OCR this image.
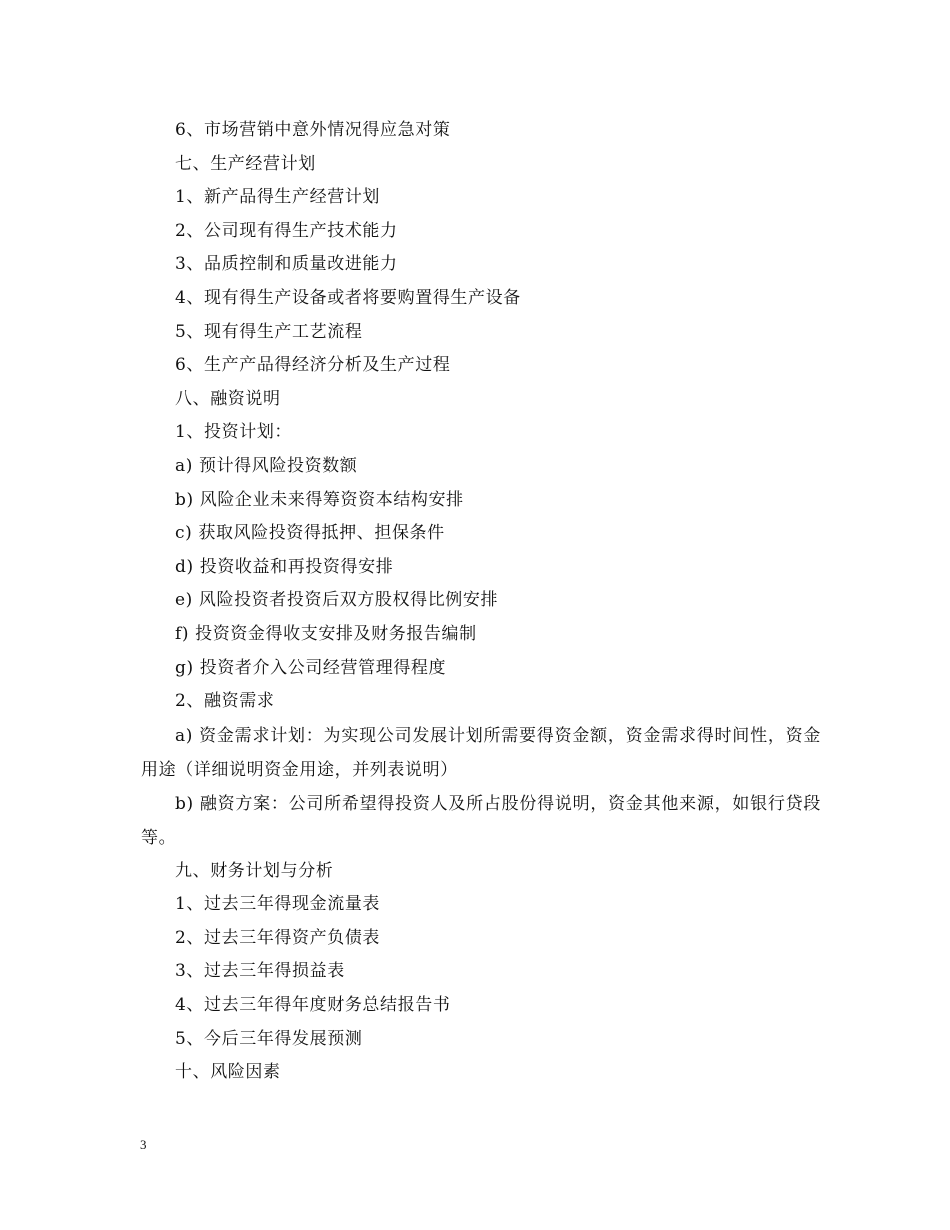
6、市场营销中意外情况得应急对策
七、生产经营计划
1、新产品得生产经营计划
2、公司现有得生产技术能力
3、品质控制和质量改进能力
4、现有得生产设备或者将要购置得生产设备
5、现有得生产工艺流程
6、生产产品得经济分析及生产过程
八、融资说明
1、投资计划：
a) 预计得风险投资数额
b) 风险企业未来得筹资资本结构安排
c) 获取风险投资得抵押、担保条件
d) 投资收益和再投资得安排
e) 风险投资者投资后双方股权得比例安排
f) 投资资金得收支安排及财务报告编制
g) 投资者介入公司经营管理得程度
2、融资需求
a) 资金需求计划：为实现公司发展计划所需要得资金额，资金需求得时间性，资金用途（详细说明资金用途，并列表说明）
b) 融资方案：公司所希望得投资人及所占股份得说明，资金其他来源，如银行贷段等。
九、财务计划与分析
1、过去三年得现金流量表
2、过去三年得资产负债表
3、过去三年得损益表
4、过去三年得年度财务总结报告书
5、今后三年得发展预测
十、风险因素
3
